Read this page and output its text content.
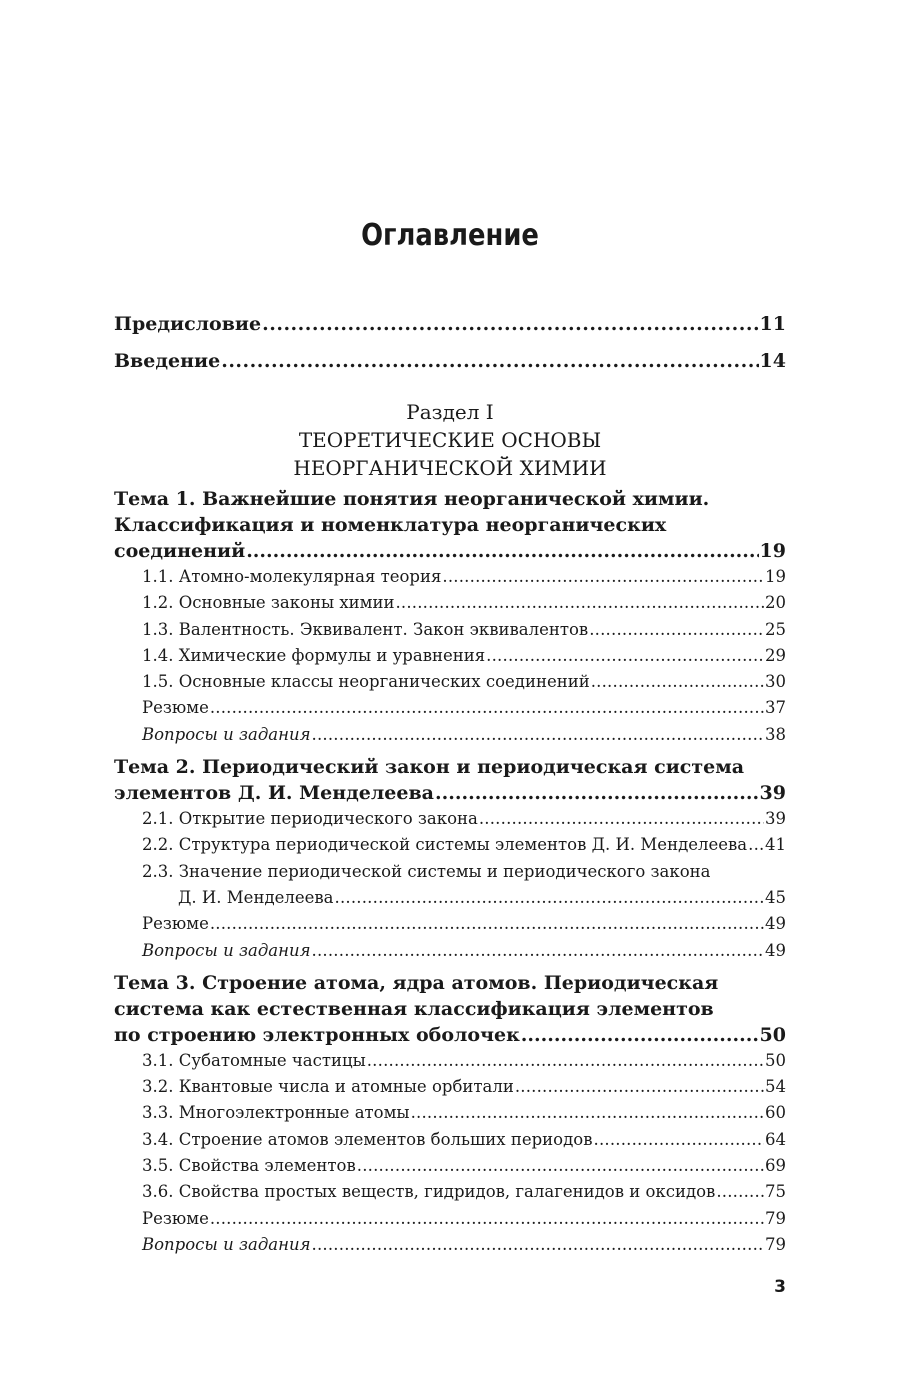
Оглавление
Предисловие .....	11
Введение .....	14
Раздел I
ТЕОРЕТИЧЕСКИЕ ОСНОВЫ
НЕОРГАНИЧЕСКОЙ ХИМИИ
Тема 1. Важнейшие понятия неорганической химии.
Классификация и номенклатура неорганических
соединений .....	19
1.1. Атомно-молекулярная теория .....	19
1.2. Основные законы химии .....	20
1.3. Валентность. Эквивалент. Закон эквивалентов .....	25
1.4. Химические формулы и уравнения .....	29
1.5. Основные классы неорганических соединений .....	30
Резюме .....	37
Вопросы и задания .....	38
Тема 2. Периодический закон и периодическая система
элементов Д. И. Менделеева .....	39
2.1. Открытие периодического закона .....	39
2.2. Структура периодической системы элементов Д. И. Менделеева ..... 41
2.3. Значение периодической системы и периодического закона
Д. И. Менделеева .....	45
Резюме .....	49
Вопросы и задания .....	49
Тема 3. Строение атома, ядра атомов. Периодическая
система как естественная классификация элементов
по строению электронных оболочек .....	50
3.1. Субатомные частицы .....	50
3.2. Квантовые числа и атомные орбитали .....	54
3.3. Многоэлектронные атомы .....	60
3.4. Строение атомов элементов больших периодов .....	64
3.5. Свойства элементов .....	69
3.6. Свойства простых веществ, гидридов, галагенидов и оксидов .....	75
Резюме .....	79
Вопросы и задания .....	79
3
